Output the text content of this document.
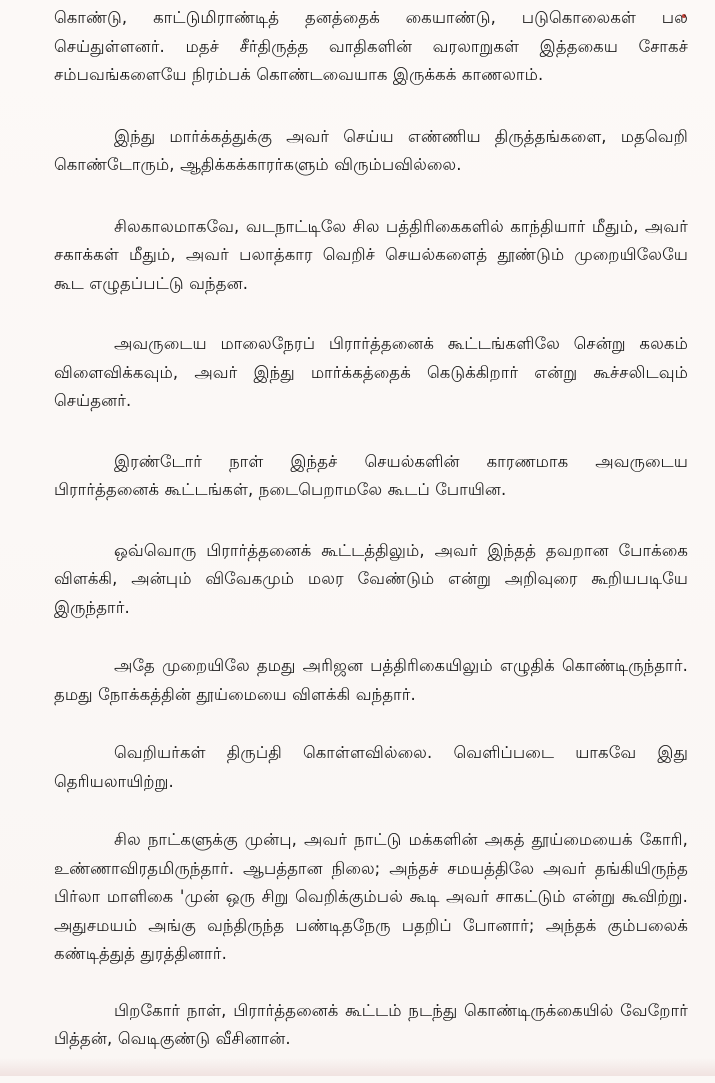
கொண்டு, காட்டுமிராண்டித் தனத்தைக் கையாண்டு, படுகொலைகள் பல செய்துள்ளனர். மதச் சீர்திருத்த வாதிகளின் வரலாறுகள் இத்தகைய சோகச் சம்பவங்களையே நிரம்பக் கொண்டவையாக இருக்கக் காணலாம்.

இந்து மார்க்கத்துக்கு அவர் செய்ய எண்ணிய திருத்தங்களை, மதவெறி கொண்டோரும், ஆதிக்கக்காரர்களும் விரும்பவில்லை.

சிலகாலமாகவே, வடநாட்டிலே சில பத்திரிகைகளில் காந்தியார் மீதும், அவர் சகாக்கள் மீதும், அவர் பலாத்கார வெறிச் செயல்களைத் தூண்டும் முறையிலேயே கூட எழுதப்பட்டு வந்தன.

அவருடைய மாலைநேரப் பிரார்த்தனைக் கூட்டங்களிலே சென்று கலகம் விளைவிக்கவும், அவர் இந்து மார்க்கத்தைக் கெடுக்கிறார் என்று கூச்சலிடவும் செய்தனர்.

இரண்டோர் நாள் இந்தச் செயல்களின் காரணமாக அவருடைய பிரார்த்தனைக் கூட்டங்கள், நடைபெறாமலே கூடப் போயின.

ஒவ்வொரு பிரார்த்தனைக் கூட்டத்திலும், அவர் இந்தத் தவறான போக்கை விளக்கி, அன்பும் விவேகமும் மலர வேண்டும் என்று அறிவுரை கூறியபடியே இருந்தார்.

அதே முறையிலே தமது அரிஜன பத்திரிகையிலும் எழுதிக் கொண்டிருந்தார். தமது நோக்கத்தின் தூய்மையை விளக்கி வந்தார்.

வெறியர்கள் திருப்தி கொள்ளவில்லை. வெளிப்படை யாகவே இது தெரியலாயிற்று.

சில நாட்களுக்கு முன்பு, அவர் நாட்டு மக்களின் அகத் தூய்மையைக் கோரி, உண்ணாவிரதமிருந்தார். ஆபத்தான நிலை; அந்தச் சமயத்திலே அவர் தங்கியிருந்த பிர்லா மாளிகை 'முன் ஒரு சிறு வெறிக்கும்பல் கூடி அவர் சாகட்டும் என்று கூவிற்று. அதுசமயம் அங்கு வந்திருந்த பண்டிதநேரு பதறிப் போனார்; அந்தக் கும்பலைக் கண்டித்துத் துரத்தினார்.

பிறகோர் நாள், பிரார்த்தனைக் கூட்டம் நடந்து கொண்டிருக்கையில் வேறோர் பித்தன், வெடிகுண்டு வீசினான்.
